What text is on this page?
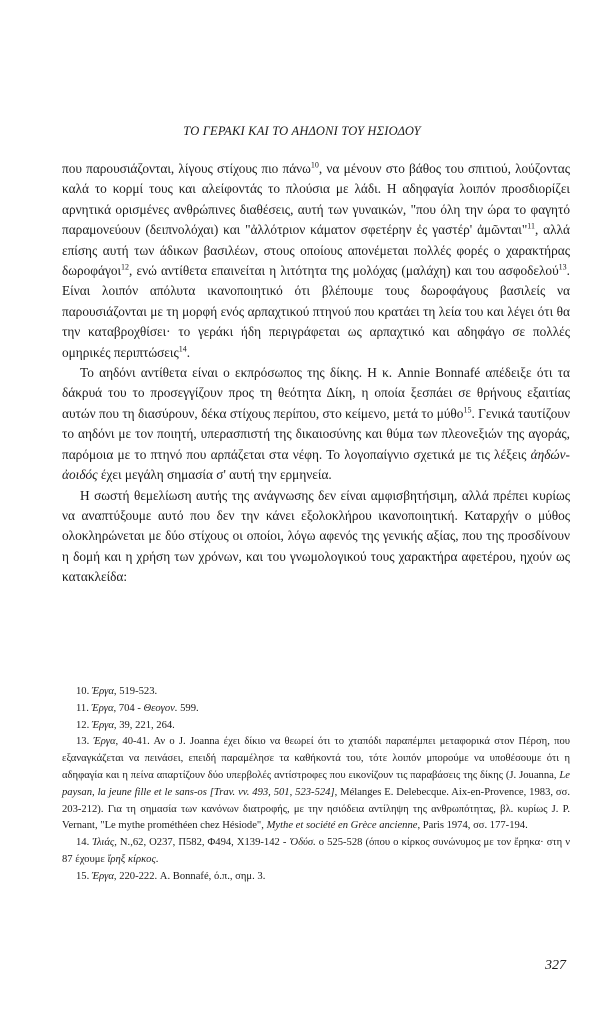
ΤΟ ΓΕΡΑΚΙ ΚΑΙ ΤΟ ΑΗΔΟΝΙ ΤΟΥ ΗΣΙΟΔΟΥ

που παρουσιάζονται, λίγους στίχους πιο πάνω$^{10}$, να μένουν στο βάθος του σπιτιού, λούζοντας καλά το κορμί τους και αλείφοντάς το πλούσια με λάδι. Η αδηφαγία λοιπόν προσδιορίζει αρνητικά ορισμένες ανθρώπινες διαθέσεις, αυτή των γυναικών, "που όλη την ώρα το φαγητό παραμονεύουν (δειπνολόχαι) και "ἀλλότριον κάματον σφετέρην ἐς γαστέρ' ἀμῶνται"$^{11}$, αλλά επίσης αυτή των άδικων βασιλέων, στους οποίους απονέμεται πολλές φορές ο χαρακτήρας δωροφάγοι$^{12}$, ενώ αντίθετα επαινείται η λιτότητα της μολόχας (μαλάχη) και του ασφοδελού$^{13}$. Είναι λοιπόν απόλυτα ικανοποιητικό ότι βλέπουμε τους δωροφάγους βασιλείς να παρουσιάζονται με τη μορφή ενός αρπαχτικού πτηνού που κρατάει τη λεία του και λέγει ότι θα την καταβροχθίσει· το γεράκι ήδη περιγράφεται ως αρπαχτικό και αδηφάγο σε πολλές ομηρικές περιπτώσεις$^{14}$.

Το αηδόνι αντίθετα είναι ο εκπρόσωπος της δίκης. Η κ. Annie Bonnafé απέδειξε ότι τα δάκρυά του το προσεγγίζουν προς τη θεότητα Δίκη, η οποία ξεσπάει σε θρήνους εξαιτίας αυτών που τη διασύρουν, δέκα στίχους περίπου, στο κείμενο, μετά το μύθο$^{15}$. Γενικά ταυτίζουν το αηδόνι με τον ποιητή, υπερασπιστή της δικαιοσύνης και θύμα των πλεονεξιών της αγοράς, παρόμοια με το πτηνό που αρπάζεται στα νέφη. Το λογοπαίγνιο σχετικά με τις λέξεις ἀηδών-ἀοιδός έχει μεγάλη σημασία σ' αυτή την ερμηνεία.

Η σωστή θεμελίωση αυτής της ανάγνωσης δεν είναι αμφισβητήσιμη, αλλά πρέπει κυρίως να αναπτύξουμε αυτό που δεν την κάνει εξολοκλήρου ικανοποιητική. Καταρχήν ο μύθος ολοκληρώνεται με δύο στίχους οι οποίοι, λόγω αφενός της γενικής αξίας, που της προσδίνουν η δομή και η χρήση των χρόνων, και του γνωμολογικού τους χαρακτήρα αφετέρου, ηχούν ως κατακλείδα:

10. Έργα, 519-523.

11. Έργα, 704 - Θεογον. 599.

12. Έργα, 39, 221, 264.

13. Έργα, 40-41. Αν ο J. Joanna έχει δίκιο να θεωρεί ότι το χταπόδι παραπέμπει μεταφορικά στον Πέρση, που εξαναγκάζεται να πεινάσει, επειδή παραμέλησε τα καθήκοντά του, τότε λοιπόν μπορούμε να υποθέσουμε ότι η αδηφαγία και η πείνα απαρτίζουν δύο υπερβολές αντίστροφες που εικονίζουν τις παραβάσεις της δίκης (J. Jouanna, Le paysan, la jeune fille et le sans-os [Trav. vv. 493, 501, 523-524], Mélanges E. Delebecque. Aix-en-Provence, 1983, σσ. 203-212). Για τη σημασία των κανόνων διατροφής, με την ησιόδεια αντίληψη της ανθρωπότητας, βλ. κυρίως J. P. Vernant, "Le mythe prométhéen chez Hésiode", Mythe et société en Grèce ancienne, Paris 1974, σσ. 177-194.

14. Ἰλιάς, Ν.,62, Ο237, Π582, Φ494, Χ139-142 - Ὀδύσ. ο 525-528 (όπου ο κίρκος συνώνυμος με τον ἔρηκα· στη ν 87 έχουμε ἴρηξ κίρκος.

15. Έργα, 220-222. A. Bonnafé, ό.π., σημ. 3.

327
